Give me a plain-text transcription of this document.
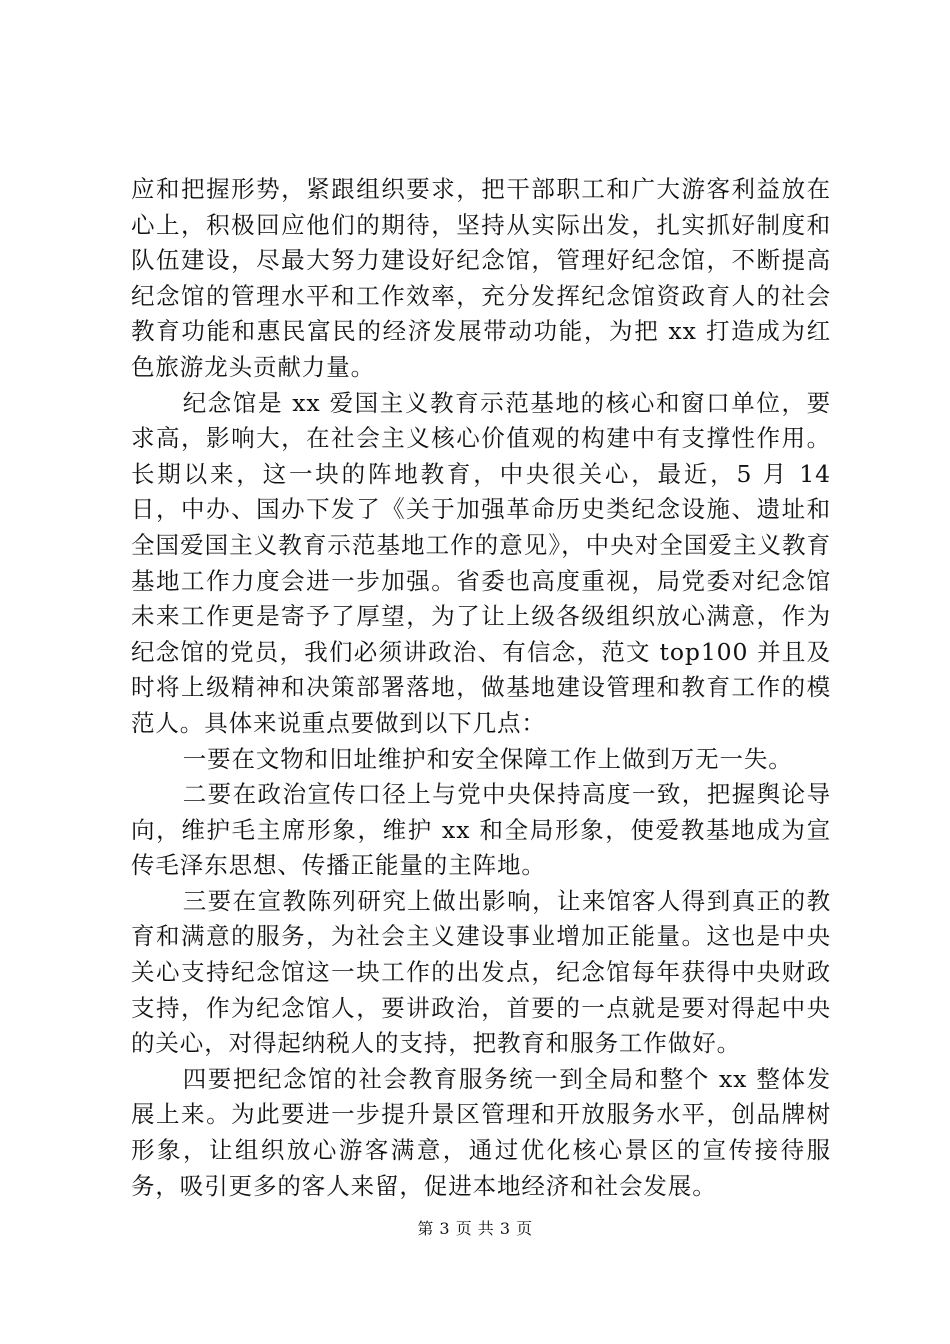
应和把握形势，紧跟组织要求，把干部职工和广大游客利益放在心上，积极回应他们的期待，坚持从实际出发，扎实抓好制度和队伍建设，尽最大努力建设好纪念馆，管理好纪念馆，不断提高纪念馆的管理水平和工作效率，充分发挥纪念馆资政育人的社会教育功能和惠民富民的经济发展带动功能，为把 xx 打造成为红色旅游龙头贡献力量。

纪念馆是 xx 爱国主义教育示范基地的核心和窗口单位，要求高，影响大，在社会主义核心价值观的构建中有支撑性作用。长期以来，这一块的阵地教育，中央很关心，最近，5 月 14 日，中办、国办下发了《关于加强革命历史类纪念设施、遗址和全国爱国主义教育示范基地工作的意见》，中央对全国爱主义教育基地工作力度会进一步加强。省委也高度重视，局党委对纪念馆未来工作更是寄予了厚望，为了让上级各级组织放心满意，作为纪念馆的党员，我们必须讲政治、有信念，范文 top100 并且及时将上级精神和决策部署落地，做基地建设管理和教育工作的模范人。具体来说重点要做到以下几点：

一要在文物和旧址维护和安全保障工作上做到万无一失。

二要在政治宣传口径上与党中央保持高度一致，把握舆论导向，维护毛主席形象，维护 xx 和全局形象，使爱教基地成为宣传毛泽东思想、传播正能量的主阵地。

三要在宣教陈列研究上做出影响，让来馆客人得到真正的教育和满意的服务，为社会主义建设事业增加正能量。这也是中央关心支持纪念馆这一块工作的出发点，纪念馆每年获得中央财政支持，作为纪念馆人，要讲政治，首要的一点就是要对得起中央的关心，对得起纳税人的支持，把教育和服务工作做好。

四要把纪念馆的社会教育服务统一到全局和整个 xx 整体发展上来。为此要进一步提升景区管理和开放服务水平，创品牌树形象，让组织放心游客满意，通过优化核心景区的宣传接待服务，吸引更多的客人来留，促进本地经济和社会发展。

第 3 页 共 3 页
